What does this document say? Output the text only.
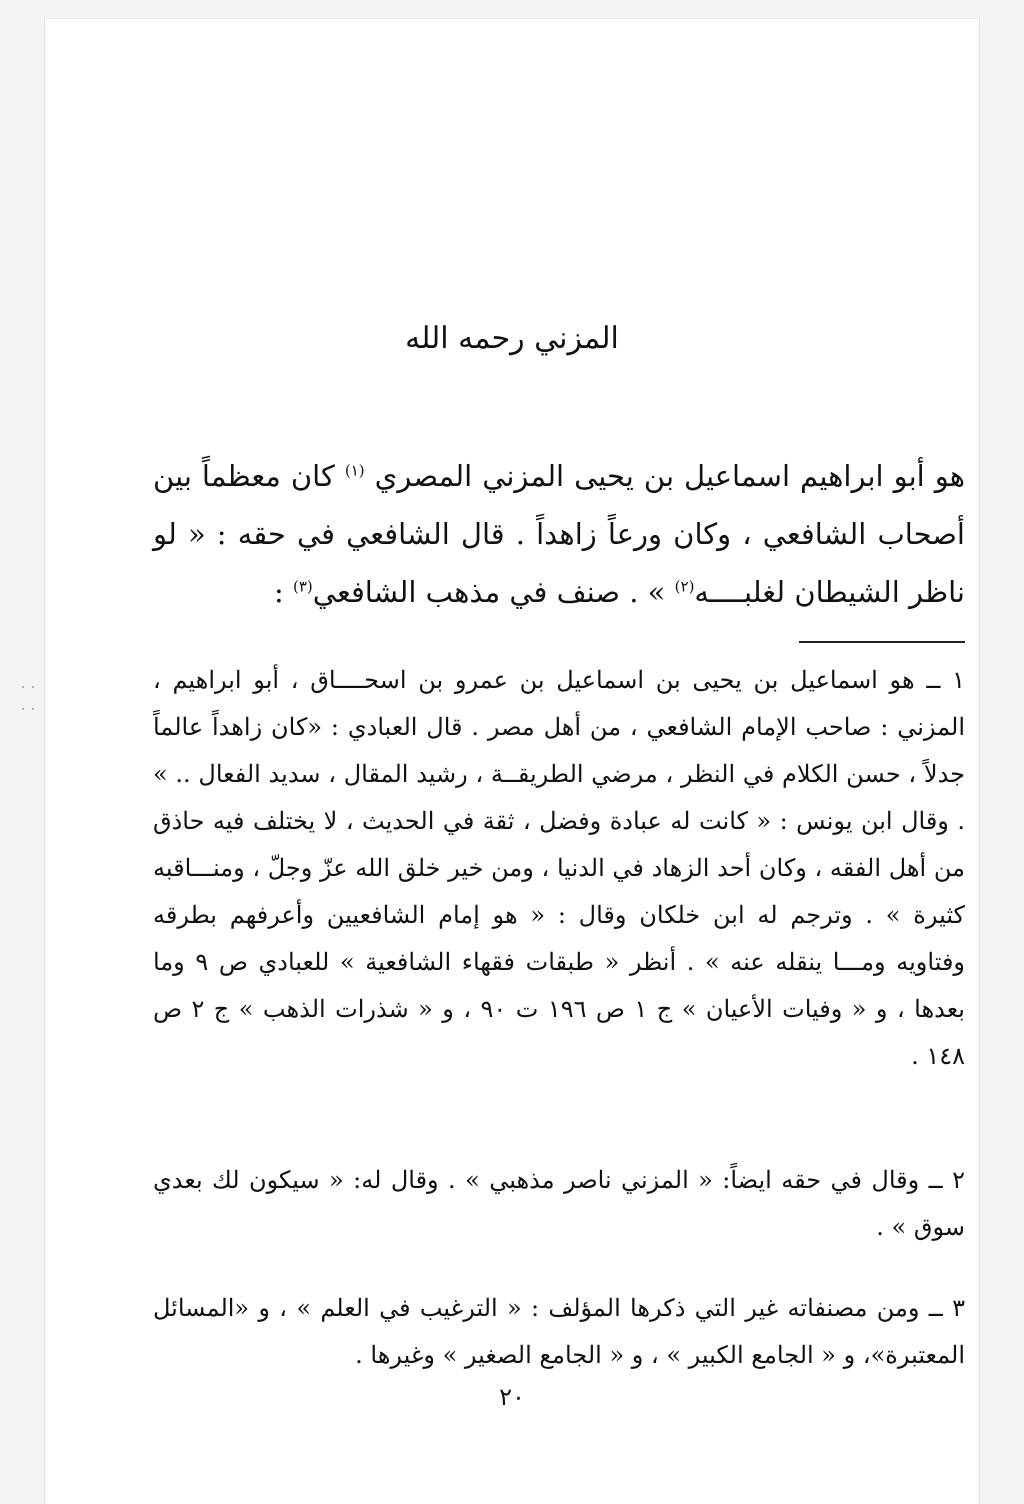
المزني رحمه الله

هو أبو ابراهيم اسماعيل بن يحيى المزني المصري $^{(١)}$ كان معظماً بين أصحاب الشافعي ، وكان ورعاً زاهداً . قال الشافعي في حقه : « لو ناظر الشيطان لغلبــــه$^{(٢)}$ » . صنف في مذهب الشافعي$^{(٣)}$ :

١ ــ هو اسماعيل بن يحيى بن اسماعيل بن عمرو بن اسحــــاق ، أبو ابراهيم ، المزني : صاحب الإمام الشافعي ، من أهل مصر . قال العبادي : «كان زاهداً عالماً جدلاً ، حسن الكلام في النظر ، مرضي الطريقــة ، رشيد المقال ، سديد الفعال .. » . وقال ابن يونس : « كانت له عبادة وفضل ، ثقة في الحديث ، لا يختلف فيه حاذق من أهل الفقه ، وكان أحد الزهاد في الدنيا ، ومن خير خلق الله عزّ وجلّ ، ومنـــاقبه كثيرة » . وترجم له ابن خلكان وقال : « هو إمام الشافعيين وأعرفهم بطرقه وفتاويه ومـــا ينقله عنه » . أنظر « طبقات فقهاء الشافعية » للعبادي ص ٩ وما بعدها ، و « وفيات الأعيان » ج ١ ص ١٩٦ ت ٩٠ ، و « شذرات الذهب » ج ٢ ص ١٤٨ .

٢ ــ وقال في حقه ايضاً: « المزني ناصر مذهبي » . وقال له: « سيكون لك بعدي سوق » .

٣ ــ ومن مصنفاته غير التي ذكرها المؤلف : « الترغيب في العلم » ، و «المسائل المعتبرة»، و « الجامع الكبير » ، و « الجامع الصغير » وغيرها .

٢٠
